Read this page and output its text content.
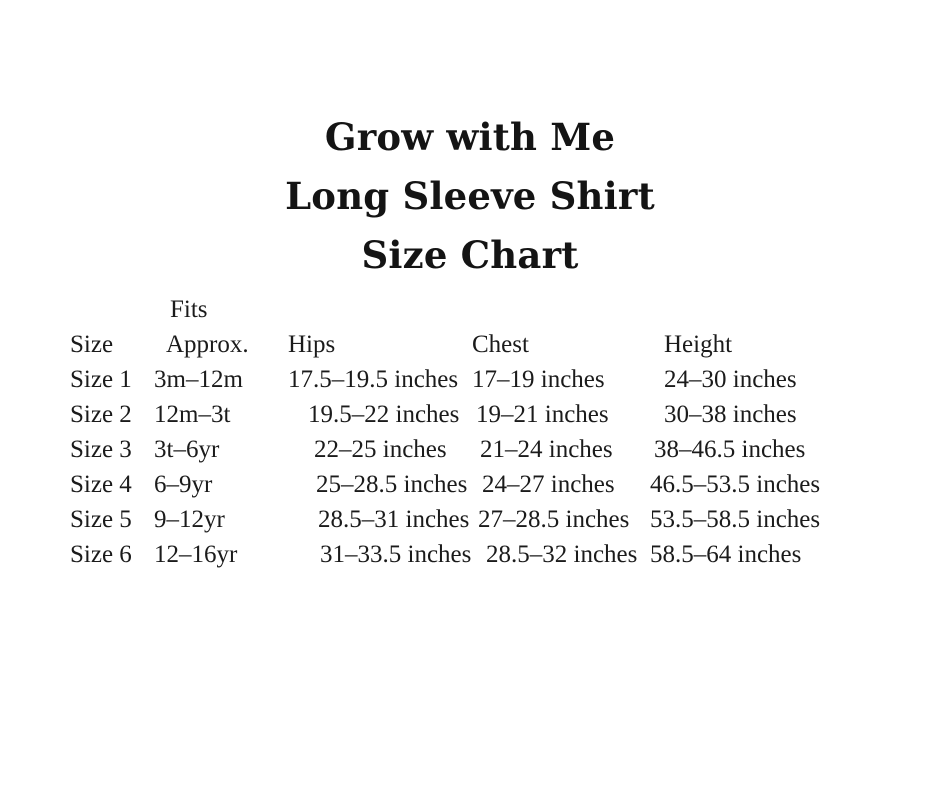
Grow with Me
Long Sleeve Shirt
Size Chart
	Fits			
Size	Approx.	Hips	Chest	Height
Size 1	3m–12m	17.5–19.5 inches	17–19 inches	24–30 inches
Size 2	12m–3t	19.5–22 inches	19–21 inches	30–38 inches
Size 3	3t–6yr	22–25 inches	21–24 inches	38–46.5 inches
Size 4	6–9yr	25–28.5 inches	24–27 inches	46.5–53.5 inches
Size 5	9–12yr	28.5–31 inches	27–28.5 inches	53.5–58.5 inches
Size 6	12–16yr	31–33.5 inches	28.5–32 inches	58.5–64 inches
